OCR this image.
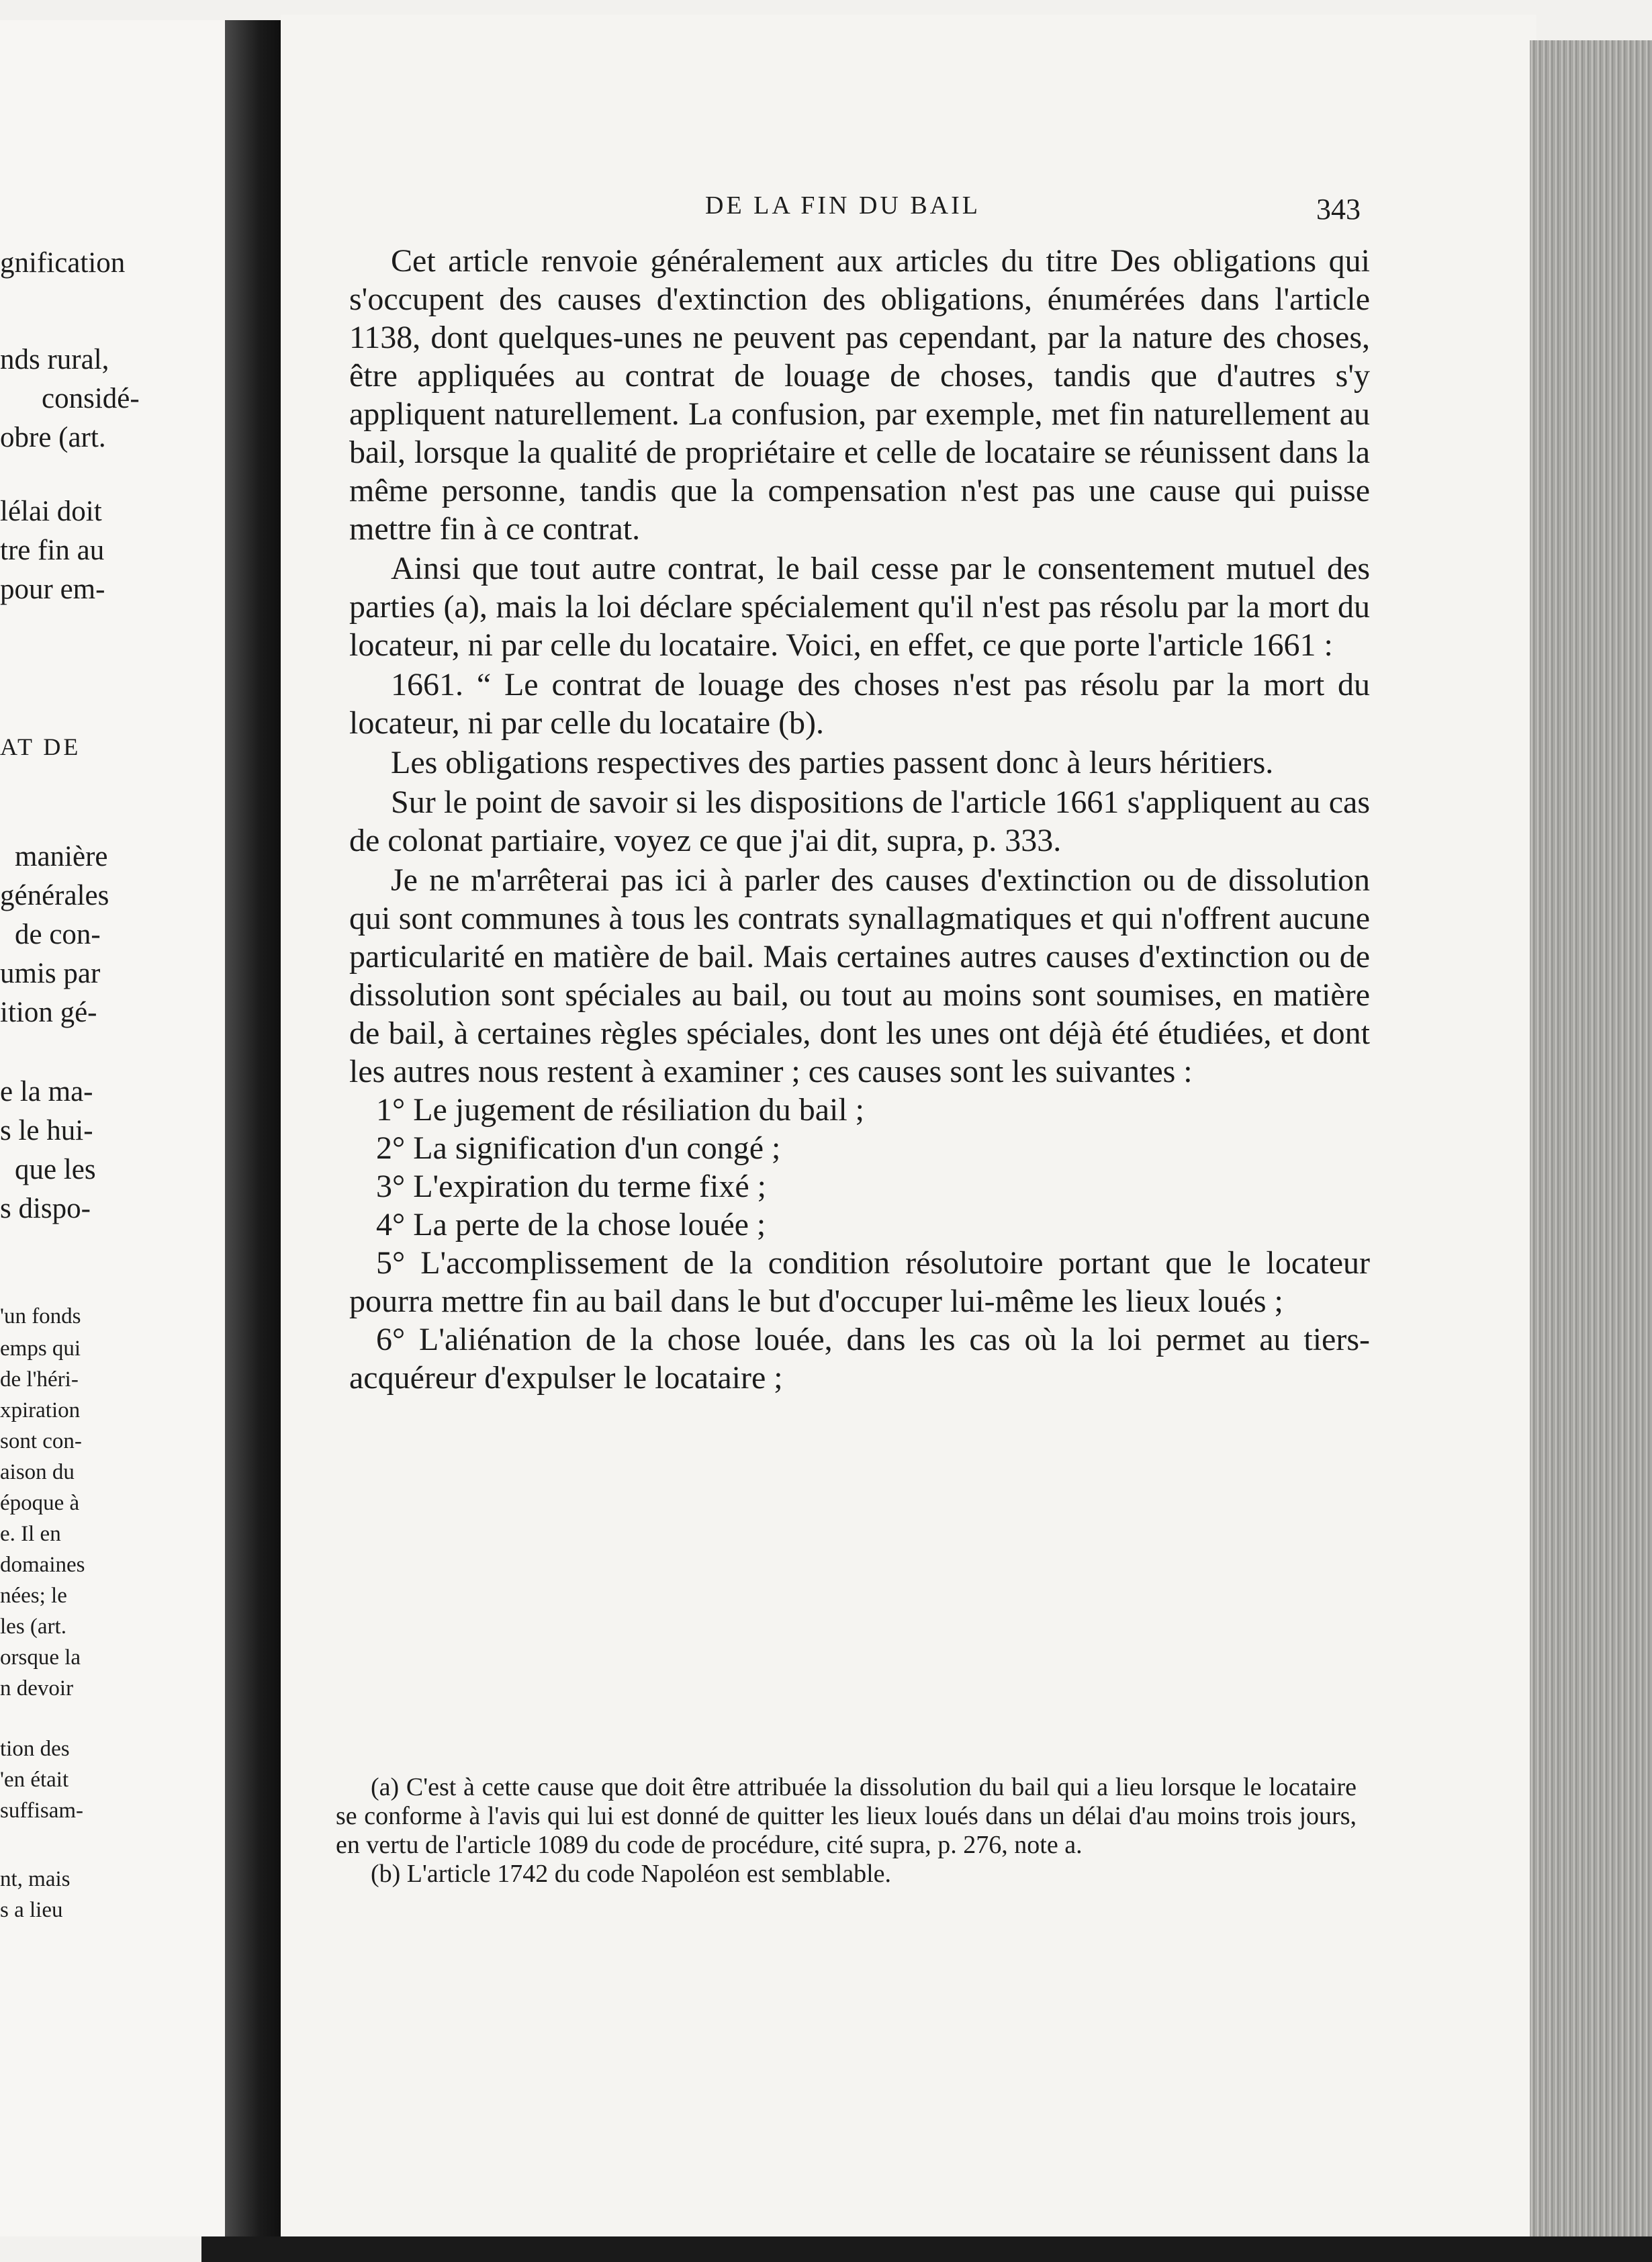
gnification
nds rural,
considé-
obre (art.
lélai doit
tre fin au
pour em-
AT DE
manière
générales
de con-
umis par
ition gé-
e la ma-
s le hui-
que les
s dispo-
'un fonds
emps qui
de l'héri-
xpiration
sont con-
aison du
époque à
e. Il en
domaines
nées; le
les (art.
orsque la
n devoir
tion des
'en était
suffisam-
nt, mais
s a lieu
DE LA FIN DU BAIL	343

Cet article renvoie généralement aux articles du titre Des obligations qui s'occupent des causes d'extinction des obligations, énumérées dans l'article 1138, dont quelques-unes ne peuvent pas cependant, par la nature des choses, être appliquées au contrat de louage de choses, tandis que d'autres s'y appliquent naturellement. La confusion, par exemple, met fin naturellement au bail, lorsque la qualité de propriétaire et celle de locataire se réunissent dans la même personne, tandis que la compensation n'est pas une cause qui puisse mettre fin à ce contrat.

Ainsi que tout autre contrat, le bail cesse par le consentement mutuel des parties (a), mais la loi déclare spécialement qu'il n'est pas résolu par la mort du locateur, ni par celle du locataire. Voici, en effet, ce que porte l'article 1661 :

1661. “ Le contrat de louage des choses n'est pas résolu par la mort du locateur, ni par celle du locataire (b).

Les obligations respectives des parties passent donc à leurs héritiers.

Sur le point de savoir si les dispositions de l'article 1661 s'appliquent au cas de colonat partiaire, voyez ce que j'ai dit, supra, p. 333.

Je ne m'arrêterai pas ici à parler des causes d'extinction ou de dissolution qui sont communes à tous les contrats synallagmatiques et qui n'offrent aucune particularité en matière de bail. Mais certaines autres causes d'extinction ou de dissolution sont spéciales au bail, ou tout au moins sont soumises, en matière de bail, à certaines règles spéciales, dont les unes ont déjà été étudiées, et dont les autres nous restent à examiner ; ces causes sont les suivantes :

1° Le jugement de résiliation du bail ;
2° La signification d'un congé ;
3° L'expiration du terme fixé ;
4° La perte de la chose louée ;
5° L'accomplissement de la condition résolutoire portant que le locateur pourra mettre fin au bail dans le but d'occuper lui-même les lieux loués ;
6° L'aliénation de la chose louée, dans les cas où la loi permet au tiers-acquéreur d'expulser le locataire ;

(a) C'est à cette cause que doit être attribuée la dissolution du bail qui a lieu lorsque le locataire se conforme à l'avis qui lui est donné de quitter les lieux loués dans un délai d'au moins trois jours, en vertu de l'article 1089 du code de procédure, cité supra, p. 276, note a.

(b) L'article 1742 du code Napoléon est semblable.
